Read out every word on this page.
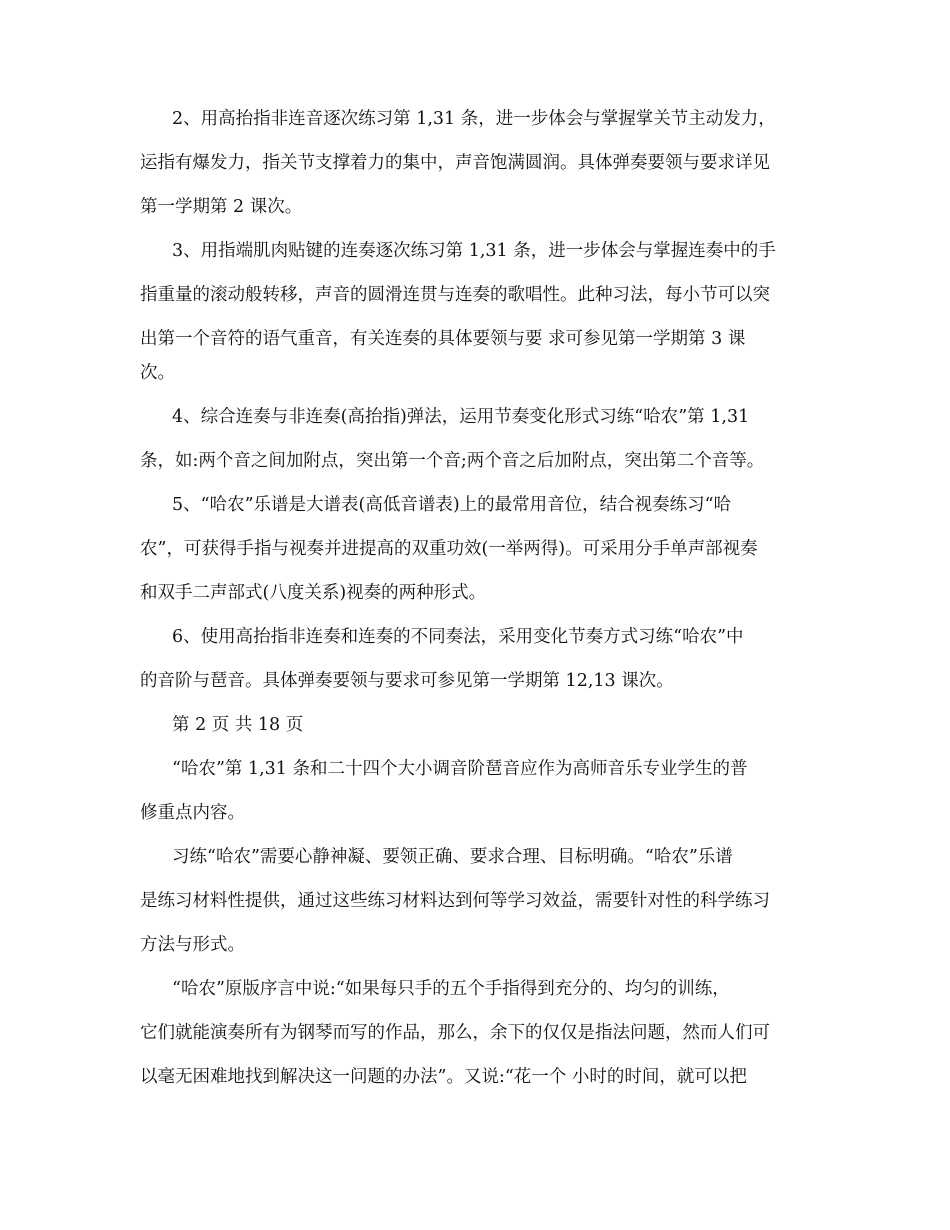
2、用高抬指非连音逐次练习第 1,31 条，进一步体会与掌握掌关节主动发力，
运指有爆发力，指关节支撑着力的集中，声音饱满圆润。具体弹奏要领与要求详见
第一学期第 2 课次。
3、用指端肌肉贴键的连奏逐次练习第 1,31 条，进一步体会与掌握连奏中的手
指重量的滚动般转移，声音的圆滑连贯与连奏的歌唱性。此种习法，每小节可以突
出第一个音符的语气重音，有关连奏的具体要领与要 求可参见第一学期第 3 课
次。
4、综合连奏与非连奏(高抬指)弹法，运用节奏变化形式习练“哈农”第 1,31
条，如:两个音之间加附点，突出第一个音;两个音之后加附点，突出第二个音等。
5、“哈农”乐谱是大谱表(高低音谱表)上的最常用音位，结合视奏练习“哈
农”，可获得手指与视奏并进提高的双重功效(一举两得)。可采用分手单声部视奏
和双手二声部式(八度关系)视奏的两种形式。
6、使用高抬指非连奏和连奏的不同奏法，采用变化节奏方式习练“哈农”中
的音阶与琶音。具体弹奏要领与要求可参见第一学期第 12,13 课次。
第 2 页 共 18 页
“哈农”第 1,31 条和二十四个大小调音阶琶音应作为高师音乐专业学生的普
修重点内容。
习练“哈农”需要心静神凝、要领正确、要求合理、目标明确。“哈农”乐谱
是练习材料性提供，通过这些练习材料达到何等学习效益，需要针对性的科学练习
方法与形式。
“哈农”原版序言中说:“如果每只手的五个手指得到充分的、均匀的训练，
它们就能演奏所有为钢琴而写的作品，那么，余下的仅仅是指法问题，然而人们可
以毫无困难地找到解决这一问题的办法”。又说:“花一个 小时的时间，就可以把
